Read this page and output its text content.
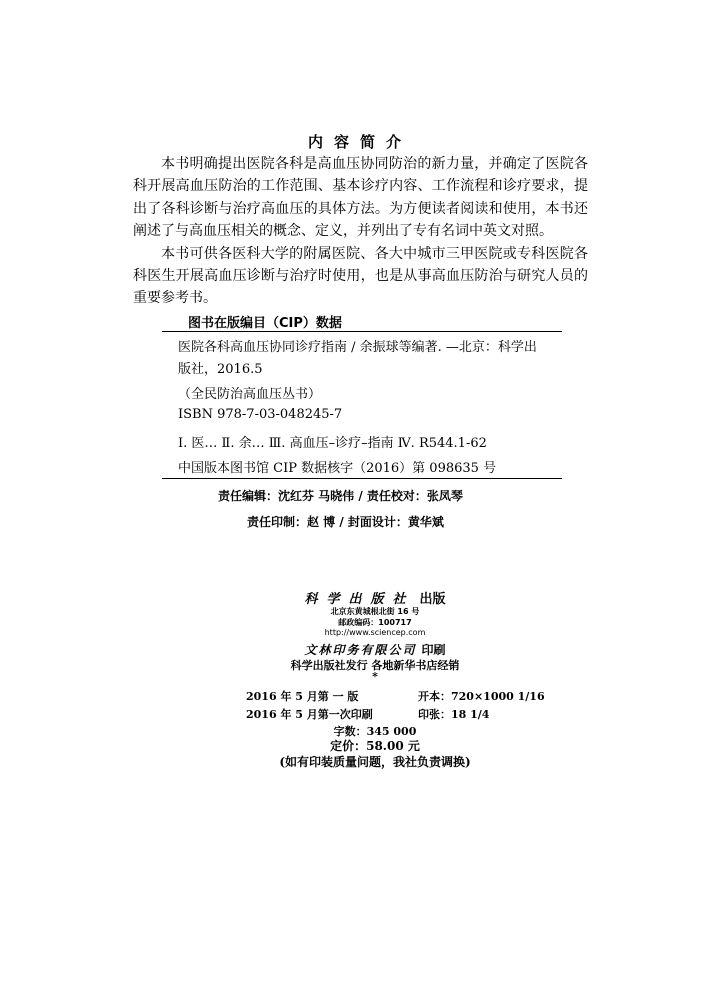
内容简介

本书明确提出医院各科是高血压协同防治的新力量，并确定了医院各科开展高血压防治的工作范围、基本诊疗内容、工作流程和诊疗要求，提出了各科诊断与治疗高血压的具体方法。为方便读者阅读和使用，本书还阐述了与高血压相关的概念、定义，并列出了专有名词中英文对照。

本书可供各医科大学的附属医院、各大中城市三甲医院或专科医院各科医生开展高血压诊断与治疗时使用，也是从事高血压防治与研究人员的重要参考书。

图书在版编目（CIP）数据
医院各科高血压协同诊疗指南 / 余振球等编著. —北京：科学出
版社，2016.5
（全民防治高血压丛书）
ISBN 978-7-03-048245-7
Ⅰ. 医… Ⅱ. 余… Ⅲ. 高血压–诊疗–指南 Ⅳ. R544.1-62
中国版本图书馆 CIP 数据核字（2016）第 098635 号
责任编辑：沈红芬 马晓伟 / 责任校对：张凤琴
责任印制：赵 博 / 封面设计：黄华斌
科学出版社 出版
北京东黄城根北街 16 号
邮政编码：100717
http://www.sciencep.com
文林印务有限公司 印刷
科学出版社发行 各地新华书店经销
*
2016 年 5 月第 一 版	开本：720×1000 1/16
2016 年 5 月第一次印刷	印张：18 1/4
字数：345 000
定价：58.00 元
(如有印装质量问题，我社负责调换)
